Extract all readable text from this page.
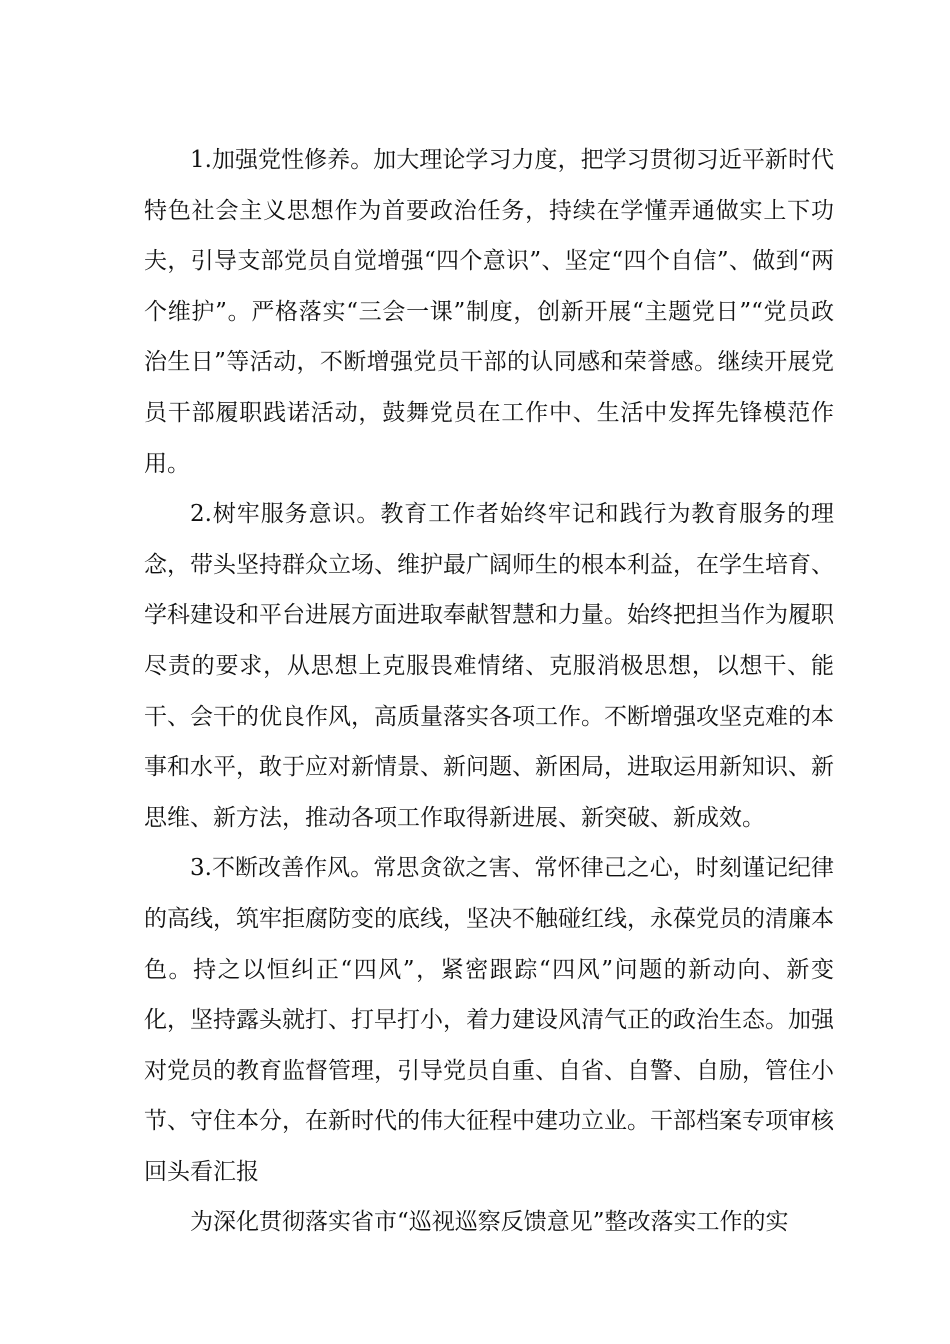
1.加强党性修养。加大理论学习力度，把学习贯彻习近平新时代特色社会主义思想作为首要政治任务，持续在学懂弄通做实上下功夫，引导支部党员自觉增强“四个意识”、坚定“四个自信”、做到“两个维护”。严格落实“三会一课”制度，创新开展“主题党日”“党员政治生日”等活动，不断增强党员干部的认同感和荣誉感。继续开展党员干部履职践诺活动，鼓舞党员在工作中、生活中发挥先锋模范作用。

2.树牢服务意识。教育工作者始终牢记和践行为教育服务的理念，带头坚持群众立场、维护最广阔师生的根本利益，在学生培育、学科建设和平台进展方面进取奉献智慧和力量。始终把担当作为履职尽责的要求，从思想上克服畏难情绪、克服消极思想，以想干、能干、会干的优良作风，高质量落实各项工作。不断增强攻坚克难的本事和水平，敢于应对新情景、新问题、新困局，进取运用新知识、新思维、新方法，推动各项工作取得新进展、新突破、新成效。

3.不断改善作风。常思贪欲之害、常怀律己之心，时刻谨记纪律的高线，筑牢拒腐防变的底线，坚决不触碰红线，永葆党员的清廉本色。持之以恒纠正“四风”，紧密跟踪“四风”问题的新动向、新变化，坚持露头就打、打早打小，着力建设风清气正的政治生态。加强对党员的教育监督管理，引导党员自重、自省、自警、自励，管住小节、守住本分，在新时代的伟大征程中建功立业。干部档案专项审核回头看汇报

为深化贯彻落实省市“巡视巡察反馈意见”整改落实工作的实
